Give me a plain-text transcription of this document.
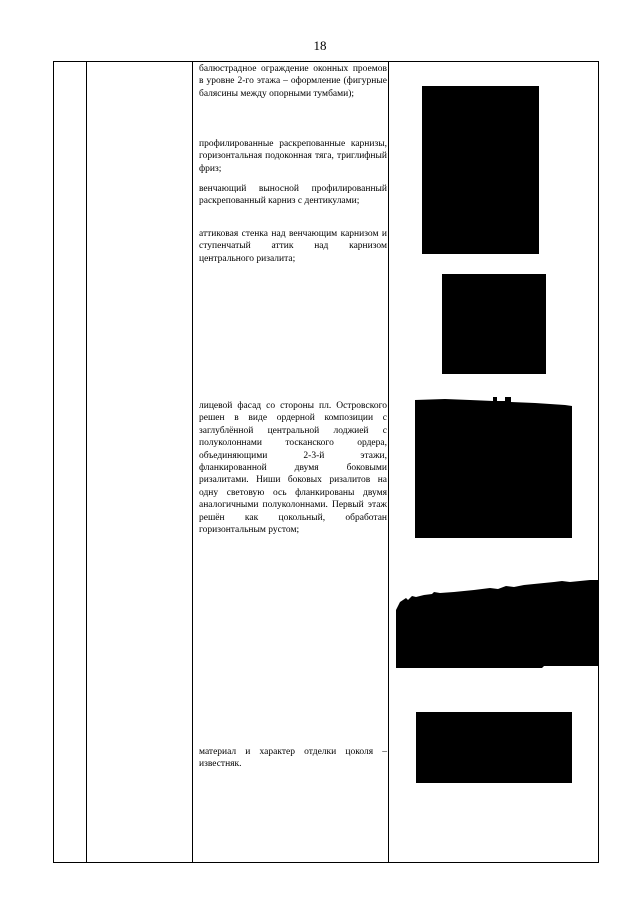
18

балюстрадное ограждение оконных проемов в уровне 2-го этажа – оформление (фигурные балясины между опорными тумбами);

профилированные раскрепованные карнизы, горизонтальная подоконная тяга, триглифный фриз;

венчающий выносной профилированный раскрепованный карниз с дентикулами;

аттиковая стенка над венчающим карнизом и ступенчатый аттик над карнизом центрального ризалита;

лицевой фасад со стороны пл. Островского решен в виде ордерной композиции с заглублённой центральной лоджией с полуколоннами тосканского ордера, объединяющими 2-3-й этажи, фланкированной двумя боковыми ризалитами. Ниши боковых ризалитов на одну световую ось фланкированы двумя аналогичными полуколоннами. Первый этаж решён как цокольный, обработан горизонтальным рустом;

материал и характер отделки цоколя – известняк.
